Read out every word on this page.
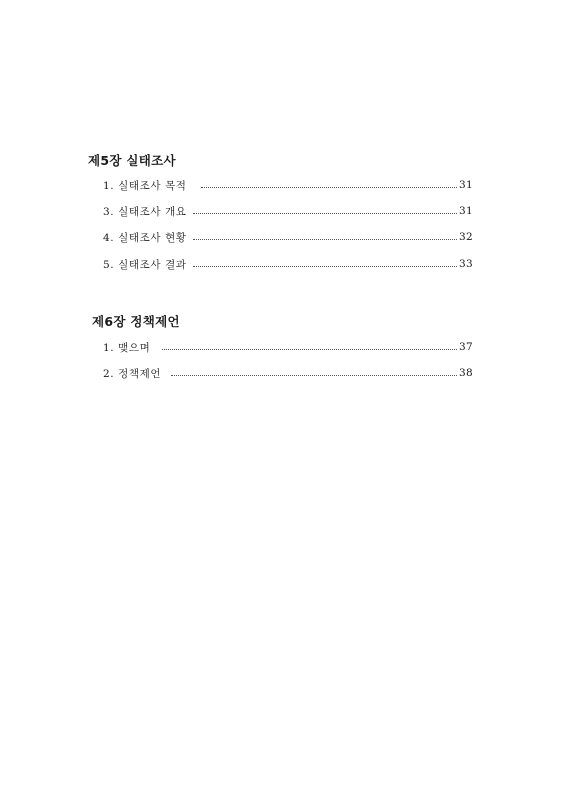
제5장 실태조사
1. 실태조사 목적	31
3. 실태조사 개요	31
4. 실태조사 현황	32
5. 실태조사 결과	33
제6장 정책제언
1. 맺으며	37
2. 정책제언	38
